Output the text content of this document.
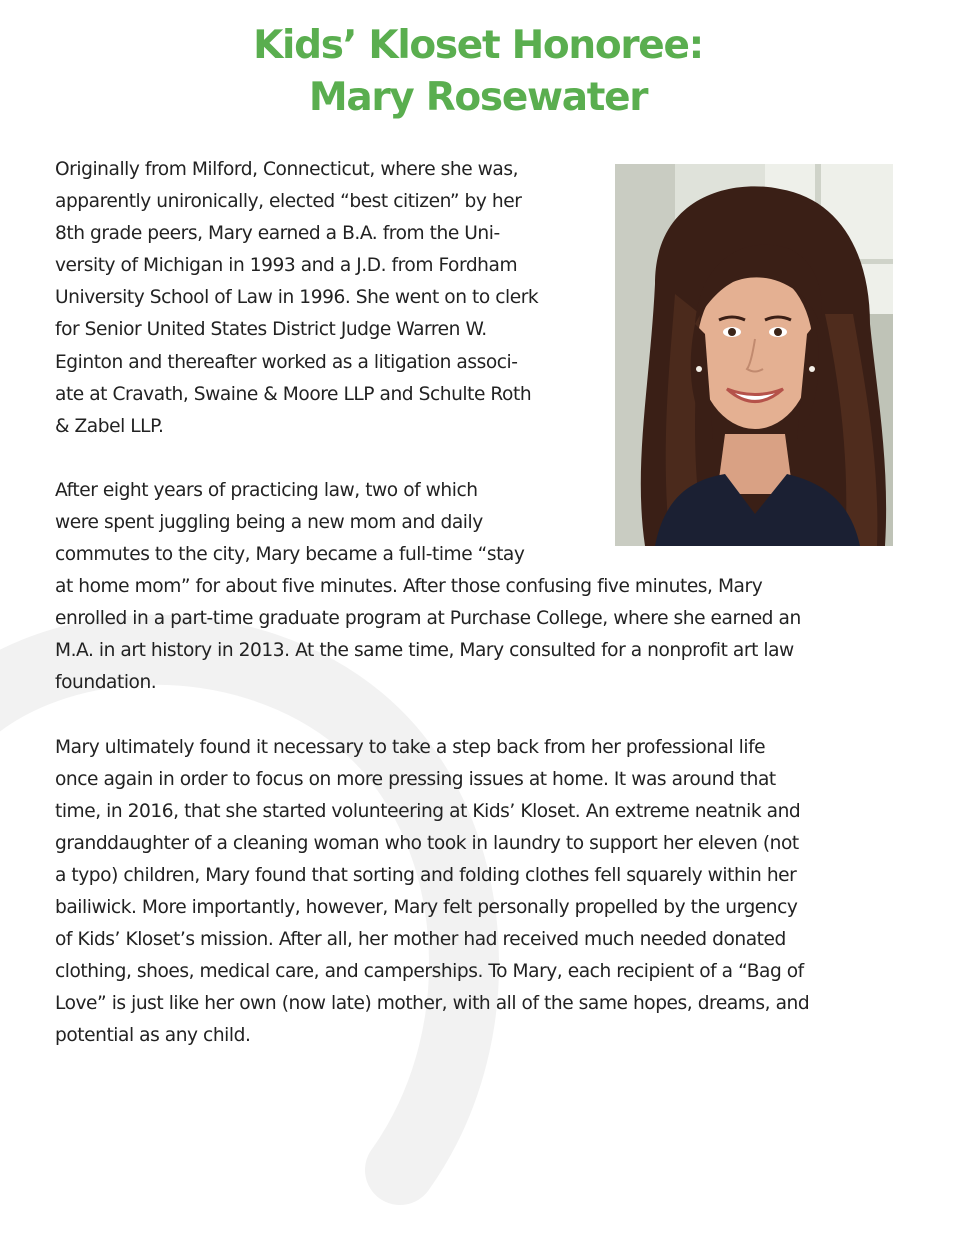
Kids’ Kloset Honoree:
Mary Rosewater

Originally from Milford, Connecticut, where she was,
apparently unironically, elected “best citizen” by her
8th grade peers, Mary earned a B.A. from the Uni-
versity of Michigan in 1993 and a J.D. from Fordham
University School of Law in 1996. She went on to clerk
for Senior United States District Judge Warren W.
Eginton and thereafter worked as a litigation associ-
ate at Cravath, Swaine & Moore LLP and Schulte Roth
& Zabel LLP.

After eight years of practicing law, two of which
were spent juggling being a new mom and daily
commutes to the city, Mary became a full-time “stay
at home mom” for about five minutes. After those confusing five minutes, Mary
enrolled in a part-time graduate program at Purchase College, where she earned an
M.A. in art history in 2013. At the same time, Mary consulted for a nonprofit art law
foundation.

Mary ultimately found it necessary to take a step back from her professional life
once again in order to focus on more pressing issues at home. It was around that
time, in 2016, that she started volunteering at Kids’ Kloset. An extreme neatnik and
granddaughter of a cleaning woman who took in laundry to support her eleven (not
a typo) children, Mary found that sorting and folding clothes fell squarely within her
bailiwick. More importantly, however, Mary felt personally propelled by the urgency
of Kids’ Kloset’s mission. After all, her mother had received much needed donated
clothing, shoes, medical care, and camperships. To Mary, each recipient of a “Bag of
Love” is just like her own (now late) mother, with all of the same hopes, dreams, and
potential as any child.
